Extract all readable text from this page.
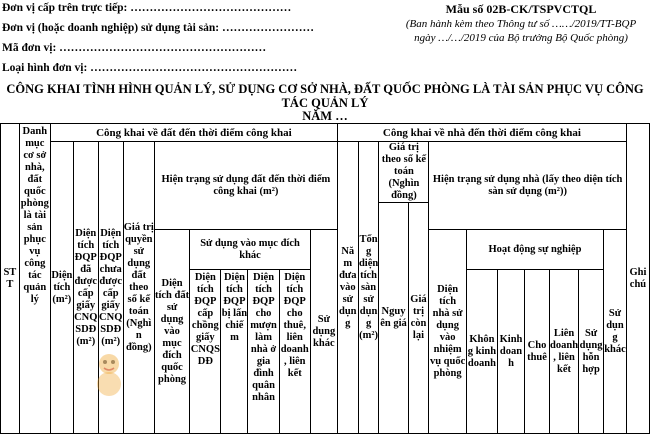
Đơn vị cấp trên trực tiếp: ……………………………………
Đơn vị (hoặc doanh nghiệp) sử dụng tài sản: ……………………
Mã đơn vị: ………………………………………………
Loại hình đơn vị: ………………………………………………
Mẫu số 02B-CK/TSPVCTQL
(Ban hành kèm theo Thông tư số ……/2019/TT-BQP
ngày …/…/2019 của Bộ trưởng Bộ Quốc phòng)
CÔNG KHAI TÌNH HÌNH QUẢN LÝ, SỬ DỤNG CƠ SỞ NHÀ, ĐẤT QUỐC PHÒNG LÀ TÀI SẢN PHỤC VỤ CÔNG TÁC QUẢN LÝ
NĂM …
STT	Danh mục cơ sở nhà, đất quốc phòng là tài sản phục vụ công tác quản lý	Công khai về đất đến thời điểm công khai										Công khai về nhà đến thời điểm công khai											Ghi chú
		Diện tích (m²)	Diện tích ĐQP đã được cấp giấy CNQSDĐ (m²)	Diện tích ĐQP chưa được cấp giấy CNQSDĐ (m²)	Giá trị quyền sử dụng đất theo sổ kế toán (Nghìn đồng)	Hiện trạng sử dụng đất đến thời điểm công khai (m²)						Năm đưa vào sử dụng	Tổng diện tích sàn sử dụng (m²)	Giá trị theo sổ kế toán (Nghìn đồng)		Hiện trạng sử dụng nhà (lấy theo diện tích sàn sử dụng (m²))							
														Nguyên giá	Giá trị còn lại								
						Diện tích đất sử dụng vào mục đích quốc phòng	Sử dụng vào mục đích khác				Sử dụng khác					Diện tích nhà sử dụng vào nhiệm vụ quốc phòng	Hoạt động sự nghiệp					Sử dụng khác	
							Diện tích ĐQP cấp chồng giấy CNQSDĐ	Diện tích ĐQP bị lấn chiếm	Diện tích ĐQP cho mượn làm nhà ở gia đình quân nhân	Diện tích ĐQP cho thuê, liên doanh, liên kết							Không kinh doanh	Kinh doanh	Cho thuê	Liên doanh, liên kết	Sử dụng hỗn hợp		
